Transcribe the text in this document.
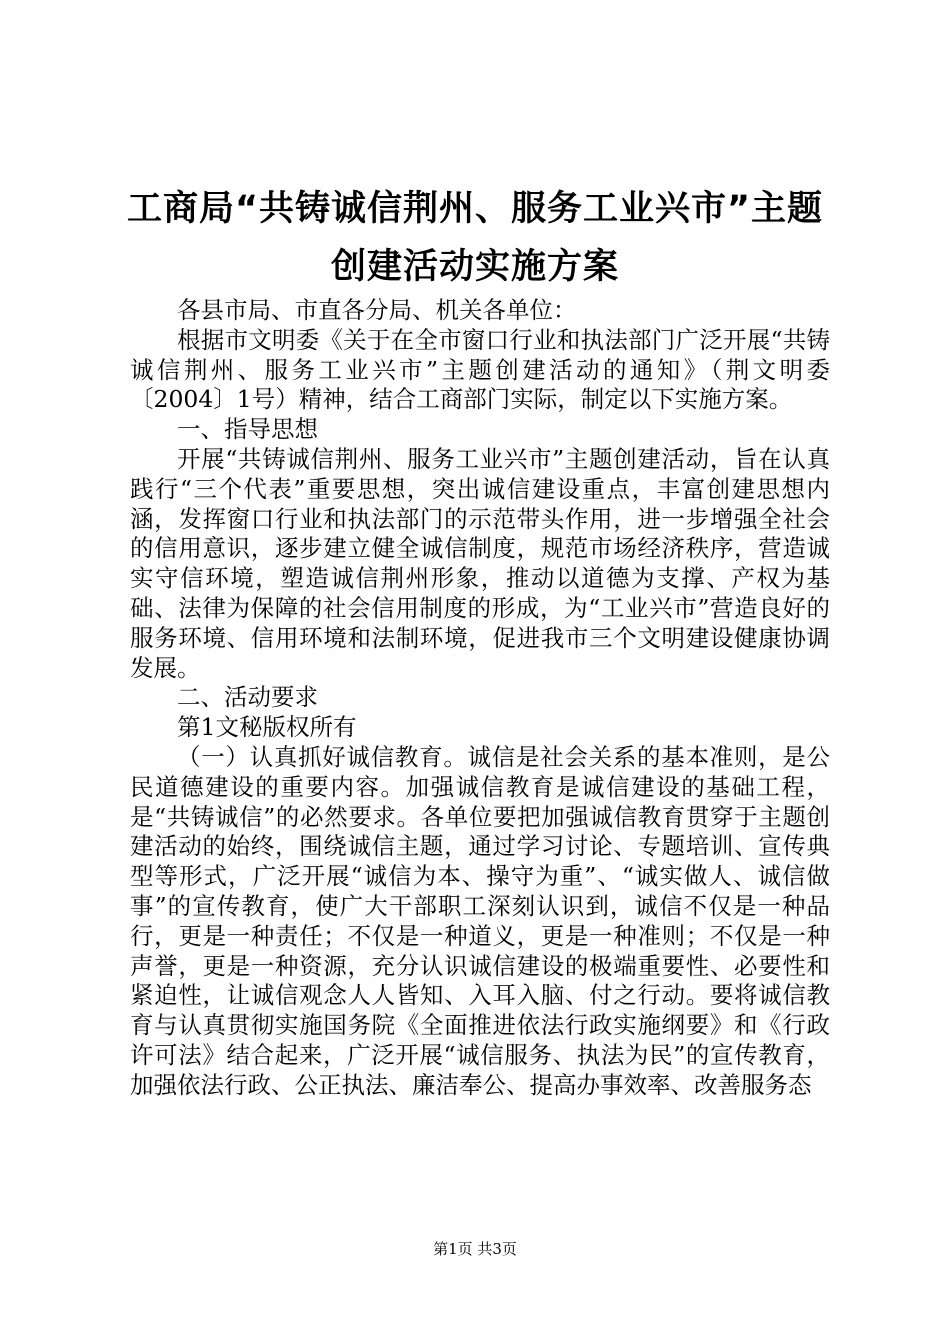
工商局“共铸诚信荆州、服务工业兴市”主题
创建活动实施方案

各县市局、市直各分局、机关各单位：

根据市文明委《关于在全市窗口行业和执法部门广泛开展“共铸诚信荆州、服务工业兴市”主题创建活动的通知》（荆文明委〔2004〕1号）精神，结合工商部门实际，制定以下实施方案。

一、指导思想

开展“共铸诚信荆州、服务工业兴市”主题创建活动，旨在认真践行“三个代表”重要思想，突出诚信建设重点，丰富创建思想内涵，发挥窗口行业和执法部门的示范带头作用，进一步增强全社会的信用意识，逐步建立健全诚信制度，规范市场经济秩序，营造诚实守信环境，塑造诚信荆州形象，推动以道德为支撑、产权为基础、法律为保障的社会信用制度的形成，为“工业兴市”营造良好的服务环境、信用环境和法制环境，促进我市三个文明建设健康协调发展。

二、活动要求

第1文秘版权所有

（一）认真抓好诚信教育。诚信是社会关系的基本准则，是公民道德建设的重要内容。加强诚信教育是诚信建设的基础工程，是“共铸诚信”的必然要求。各单位要把加强诚信教育贯穿于主题创建活动的始终，围绕诚信主题，通过学习讨论、专题培训、宣传典型等形式，广泛开展“诚信为本、操守为重”、“诚实做人、诚信做事”的宣传教育，使广大干部职工深刻认识到，诚信不仅是一种品行，更是一种责任；不仅是一种道义，更是一种准则；不仅是一种声誉，更是一种资源，充分认识诚信建设的极端重要性、必要性和紧迫性，让诚信观念人人皆知、入耳入脑、付之行动。要将诚信教育与认真贯彻实施国务院《全面推进依法行政实施纲要》和《行政许可法》结合起来，广泛开展“诚信服务、执法为民”的宣传教育，加强依法行政、公正执法、廉洁奉公、提高办事效率、改善服务态

第1页 共3页
